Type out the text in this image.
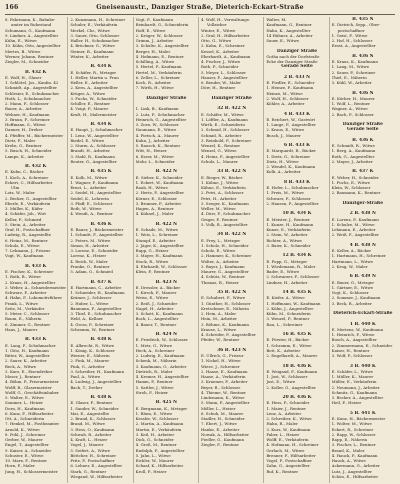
166	Gneisenaustr., Danziger Straße, Dieterich-Eckart-Straße
8. Fahrmann, K., Bahnbe-
amter im Ruhestand
Schumann, G., Kaufmann
9. Lindner, A., Angestellter
Kühn, E., Witwe
10. Kühn, Otto, Angestellter
Mertes, B., Witwe
Werner, Johann, Rentner
Ziegler, M., Schneider
B. 432 K
E. Wolf, H., Glaser
1. Schlötel, Jos., Kaufm. 42
Schmidt, Ap., Angestellter
Schlesier, E., Schuhmacher
Huth, L., Schuhmacher
2. Mann, F., Schlosser
Bauer, A., Arbeiter
Wehner, H., Kaufmann
3. Braun, F., Schreiner
Hoffmann, S., Witwe
Danner, H., Dreher
4. Pfeiffer, M., Bäckermeister
Dietz, F., Maler
Krebs, G., Rentner
5. Busch, H., Schneider
Lampe, K., Arbeiter
B. 432 K
E. Kuhn, C., Bäcker
1. Koch, A., Schreiner
Eckert, C., Hilfsarbeiter
Ulm
Lotz, W., Maler
2. Becker, G., Angestellter
Eberle, E., Verkäuferin
3. Müller, K., Küfer
4. Schäfer, Joh., Wirt
Keller, P., Schmied
5. Stein, A., Arbeiter
Graf, H., Postschaffner
Ludwig, R., Angestellte
6. Heinz, M., Rentner
Schulz, E., Witwe
7. Lehmann, J., Friseur
Vogt, W., Kaufmann
B. 433 K
E. Fischer, K., Schreiner
1. Roth, B., Witwe
2. Kraus, H., Angestellter
3. Weber, A., Schneidermeister
Schwarz, P., Arbeiter
4. Hahn, F., Lokomotivführer
Frank, L., Witwe
Seitz, M., Verkäufer
5. Meier, C., Schlosser
Baum, E., Näherin
6. Zimmer, G., Rentner
Haas, J., Maurer
B. 433 K
E. Lang, F., Schuhmacher
1. Götz, H., Kaufmann
Ritter, W., Angestellter
2. Sauer, K., Arbeiter
Beck, A., Witwe
3. Kurz, E., Eisendreher
Moser, J., Rentner
4. Böhm, P., Friseurmeister
Wolff, R., Glasermeister
Wolff, G., Geschäftsinhaber
5. Walter, E., Witwe
Sommer, L., Heizer
Dorn, H., Kaufmann
6. Kunz, F., Hilfsarbeiter
Ott, A., Schneiderin
7. Henkel, M., Postbeamter
Arnold, K., Witwe
8. Pohl, J., Schreiner
Gerber, W., Maurer
Engel, T., Angestellter
9. Kaiser, A., Schneider
Schuster, E., Witwe
10. Marx, F., Rentner
Horn, P., Maler
Jung, H., Schlossermeister
2. Kunzmann, H., Schreiner
Schuler, E., Verkäuferin
Merkel, Chr., Witwe
3. Sauer, Otto, Schlosser
Haller, H., Schuhmacher
4. Brückner, G., Witwe
Steiner, R., Kaufmann
Winter, K., Arbeiter
B. 434 K
E. Schäfer, R., Metzger
1. Heller, Martin u. Frau
Heller, E., Arbeiter
2. Kern, A., Angestellter
Krüger, A., Witwe
3. Fuchs, W., Schneider
Schiller, E., Rentner
4. Voigt, P., Maurer
Kraft, H., Malermeister
B. 434 K
E. Haupt, J., Schuhmacher
1. Lenz, W., Angestellter
Riedel, E., Witwe
2. Sturm, A., Schlosser
Brandt, H., Arbeiter
3. Stahl, R., Kaufmann
Reuter, G., Angestellter
B. 435 K
E. Kolb, M., Witwe
1. Wagner, P., Kaufmann
Ernst, L., Arbeiter
2. Seidel, H., Angestellter
Seidel, K., Lehrerin
3. Pfaff, E., Schlosser
Roth, W., Witwe
4. Wendt, A., Rentner
B. 436 K
E. Bauer, J., Bäckermeister
1. Schmitt, F., Angestellter
2. Peters, M., Witwe
Simon, H., Arbeiter
3. Lorenz, E., Schneider
Lorenz, K., Heizer
4. Reich, W., Maler
Franke, O., Rentner
5. Adam, G., Schmied
B. 437 K
E. Hartmann, C., Arbeiter
1. Schneider, H., Kaufmann
Krämer, J., Schlosser
2. Huber, L., Witwe
Baumann, F., Angestellter
3. Thiel, E., Schuhmacher
Held, A., Kellner
4. Gross, P., Schreiner
Schramm, W., Rentner
B. 438 K
E. Albrecht, R., Witwe
1. König, K., Schlosser
Werner, E., Näherin
2. Fink, M., Maurer
Fink, G., Arbeiter
3. Schreiber, H., Kaufmann
Paul, A., Witwe
4. Ludwig, J., Angestellter
Bach, T., Dreher
B. 438 K
E. Glaser, F., Rentner
1. Sander, W., Schneider
Mai, E., Angestellte
2. Brand, K., Schlosser
Brand, M., Witwe
3. Hess, O., Kaufmann
Schwab, R., Arbeiter
4. Kraft, L., Heizer
Vogel, J., Maurer
5. Seifert, A., Witwe
Böttcher, H., Schreiner
Fritz, P., Postschaffner
6. Lehner, E., Angestellter
Stark, G., Rentner
Wiegand, W., Hilfsarbeiter
Vogt, F., Kaufmann
Reinhardt, G., Schneiderin
Hoff, E., Witwe
2. Krüger, W., Schlosser
Grimm, J., Arbeiter
3. Schulte, K., Angestellter
Berger, H., Maler
4. Hofmann, E., Rentner
Schilling, A., Witwe
5. Hertel, P., Kaufmann
Hertel, M., Verkäuferin
6. Zeller, L., Schreiner
Koch, R., Arbeiter
7. Wirth, H., Witwe
Danziger Straße
1. Link, B., Kaufmann
2. Lutz, F., Schuhmacher
Heinrich, G., Angestellter
3. Zorn, W., Schlosser
Naumann, E., Witwe
4. Pietsch, A., Maurer
Kuhn, J., Arbeiter
5. Rausch, K., Rentner
Witt, H., Heizer
6. Esser, M., Witwe
Mohr, L., Schneider
B. 422 N
E. Sieber, K., Schneider
1. Eckert, W., Kaufmann
Raab, H., Witwe
2. Hertz, P., Angestellter
Körner, E., Schlosser
3. Brunner, F., Arbeiter
Hagen, A., Rentner
4. Kühnel, J., Maler
B. 422 N
E. Schade, M., Witwe
1. Weis, L., Schreiner
Stumpf, E., Arbeiter
2. Jäger, K., Angestellter
Rupp, G., Heizer
3. Mayer, H., Kaufmann
Stock, R., Witwe
4. Ehrhardt, W., Schlosser
Klein, P., Rentner
B. 423 N
E. Dressler, A., Bäcker
1. Kirsch, F., Maurer
Weiss, E., Witwe
2. Reiß, J., Schneider
Nagel, H., Arbeiter
3. Schott, K., Kaufmann
Bock, L., Angestellter
4. Bauer, T., Rentner
B. 424 N
E. Friedrich, W., Schlosser
1. Metz, G., Witwe
Heck, A., Schreiner
2. Ludwig, E., Kaufmann
Schenk, M., Näherin
3. Kaufmann, O., Arbeiter
Dietrich, R., Maler
4. Kremer, H., Angestellter
Hamm, P., Rentner
5. Sattler, J., Witwe
Stroh, F., Heizer
B. 425 N
E. Bergmann, K., Metzger
1. Blum, E., Witwe
Kessler, W., Schlosser
2. Martin, A., Kaufmann
Martin, E., Verkäuferin
3. Keil, H., Arbeiter
Dick, G., Schneider
4. Groß, M., Rentner
Rudolph, F., Angestellter
5. Jahn, L., Witwe
Eichler, W., Maurer
Schaaf, K., Hilfsarbeiter
Kroll, P., Heizer
4. Wolf, H., Verwaltungs-
Vollzieher
Winter, E., Witwe
2. Graf, H., Hilfsarbeiter
Otto, G., Witwe
3. Kuhn, E., Schreiner
Kessel, K., Arbeiter
Eberhardt, A., Kaufmann
4. Fischer, J., Witwe
Roth, P., Schneider
5. Meyer, L., Schlosser
Hauser, F., Angestellter
6. Bender, W., Maler
Dörr, H., Rentner
Danziger Straße
32 B. 422 N
E. Schäfer, M., Witwe
1. Löffler, A., Kaufmann
Wirth, E., Schneiderin
2. Schmid, H., Schlosser
Schmid, R., Arbeiter
3. Reinhold, F., Schreiner
Wenzel, K., Rentner
Wenzel, G., Witwe
4. Heinz, P., Angestellter
Schulz, L., Maurer
33 B. 422 N
E. Rieger, W., Bäcker
1. Kühne, J., Witwe
Kühne, E., Verkäuferin
2. Petri, A., Schlosser
Petri, H., Arbeiter
3. Seeger, K., Kaufmann
Weller, M., Witwe
4. Dürr, F., Schuhmacher
Geiger, P., Rentner
5. Volk, R., Angestellter
34 B. 422 N
E. Frey, L., Metzger
1. Scholz, H., Schneider
Scholz, E., Witwe
2. Hammer, K., Schreiner
Wolter, A., Arbeiter
3. Bayer, J., Kaufmann
Maurer, G., Angestellter
4. Schütz, W., Rentner
Thomas, R., Heizer
35 B. 422 N
E. Schubert, F., Witwe
1. Günther, H., Schlosser
Kretschmer, E., Näherin
2. Hein, A., Maler
Hein, M., Arbeiter
3. Böhme, K., Kaufmann
Krause, L., Witwe
4. Schröder, P., Angestellter
Pfeifer, W., Rentner
36 B. 423 N
E. Ullrich, G., Friseur
1. Nickel, H., Witwe
Wiese, J., Schreiner
2. Haase, E., Kaufmann
Haase, A., Verkäuferin
3. Kraemer, F., Arbeiter
Beyer, R., Schlosser
4. Thieme, W., Rentner
Lindemann, K., Witwe
5. Mann, P., Angestellter
Möller, L., Heizer
6. Schuh, M., Maurer
Stadler, H., Schneider
7. Ebert, J., Witwe
Hanke, E., Arbeiter
Nowak, A., Hilfsarbeiter
Fiedler, G., Kaufmann
Ziegler, F., Rentner
Walter, M.
Kaufmann, G., Rentner
Hahn, K., Angestellter
14 Hübner, A., Arbeiter
Sauer, E., Witwe
Danziger Straße
Gotha nach der Dorfstraße
Ecke der Danziger Straße
Gerade Seite
2 B. 433 N
E. Fiedler, E., Schneider
1. Heinze, P., Kaufmann
Heinze, M., Witwe
2. Wolf, H., Schlosser
Köhler, A., Arbeiter
4 B. 433 K
E. Reichert, W., Gastwirt
1. Lange, F., Angestellter
2. Kraus, E., Witwe
Busch, J., Maurer
6 B. 433 K
E. Marquardt, R., Bäcker
1. Dietz, G., Schreiner
Dietz, H., Witwe
2. Wendel, K., Kaufmann
Kolb, A., Arbeiter
8 B. 433 K
E. Hofer, L., Schuhmacher
1. Preis, M., Witwe
Schwarz, F., Schlosser
2. Hansen, P., Angestellter
10 B. 434 K
E. Meister, J., Rentner
1. Kunze, H., Kaufmann
Kunze, E., Verkäuferin
2. Stein, W., Arbeiter
Richter, A., Witwe
3. Baier, K., Schneider
12 B. 434 K
E. Popp, G., Metzger
1. Wiedemann, R., Maler
Bader, E., Witwe
2. Schwarzer, F., Schlosser
Lindner, H., Arbeiter
14 B. 435 K
E. Kiefer, A., Witwe
1. Hoffmann, W., Kaufmann
2. Kühn, J., Angestellter
Kühn, M., Schneiderin
3. Wenzel, P., Rentner
Rau, L., Schreiner
16 B. 435 K
E. Förster, H., Bäcker
1. Schramm, E., Witwe
Bott, K., Arbeiter
2. Engelhardt, A., Maurer
18 B. 436 K
E. Weigand, F., Kaufmann
1. Jost, W., Schlosser
Jost, E., Witwe
2. Koller, G., Angestellter
20 B. 436 K
E. Hess, P., Schneider
1. Maier, J., Rentner
Lenz, A., Arbeiter
2. Schreiber, K., Witwe
Hahn, R., Maler
3. Kurz, W., Kaufmann
Faber, L., Heizer
Wolff, E., Verkäuferin
4. Hofmann, H., Schreiner
Gerlach, M., Witwe
Brenner, F., Hilfsarbeiter
Vogel, P., Postschaffner
Zahn, G., Angestellter
Ruf, K., Rentner
B. 435 N
E. Dietrich, Sepp., Ober-
postschaffner
1. Geist, F., Witwe
2. Hof, H., Schlosser
Ernst, A., Angestellter
B. 436 N
E. Kraus, K., Kaufmann
1. Lang, M., Witwe
2. Sauer, P., Schreiner
Thiel, E., Näherin
3. Kühl, W., Arbeiter
B. 436 N
E. Körber, H., Maurer
1. Wolf, L., Rentner
Wagner, A., Witwe
2. Bach, F., Schlosser
Danziger Straße
Gerade Seite
B. 436 K
E. Schmidt, R., Witwe
1. Berg, A., Kaufmann
Roth, G., Angestellter
2. Mayer, J., Arbeiter
B. 437 K
E. Weber, H., Schneider
1. Fuchs, E., Witwe
Klein, W., Schlosser
2. Baumann, K., Rentner
Danziger-Straße
2 B. 438 N
E. Lorenz, P., Kaufmann
1. Schulze, M., Witwe
Lehmann, E., Arbeiter
2. Weiß, F., Angestellter
4 B. 438 N
E. Keller, A., Bäcker
1. Hartmann, H., Schreiner
Hartmann, L., Witwe
2. Krug, W., Maler
6 B. 439 N
E. Bauer, G., Metzger
1. Gärtner, E., Witwe
Vogt, K., Schlosser
2. Sommer, J., Kaufmann
3. Beck, R., Arbeiter
Dieterich-Eckart-Straße
1 B. 440 K
E. Mertens, W., Kaufmann
1. Heinrich, F., Witwe
Busch, A., Angestellter
2. Zimmermann, E., Schneider
Kaiser, H., Rentner
3. Wolf, P., Schlosser
3 B. 440 K
E. Schäfer, L., Witwe
1. Müller, K., Maurer
Müller, E., Verkäuferin
2. Neumann, J., Arbeiter
Schmitz, G., Kaufmann
3. Becker, A., Angestellter
Heil, F., Heizer
5 B. 441 K
E. Kunz, H., Bäckermeister
1. Wolter, M., Witwe
Eckert, R., Schreiner
2. Rapp, W., Schlosser
Rapp, E., Näherin
3. Fischer, L., Rentner
Brand, K., Maler
4. Hauck, P., Kaufmann
Hauck, A., Witwe
Ackermann, G., Arbeiter
Lutz, J., Angestellter
Schön, E., Hilfsarbeiter
